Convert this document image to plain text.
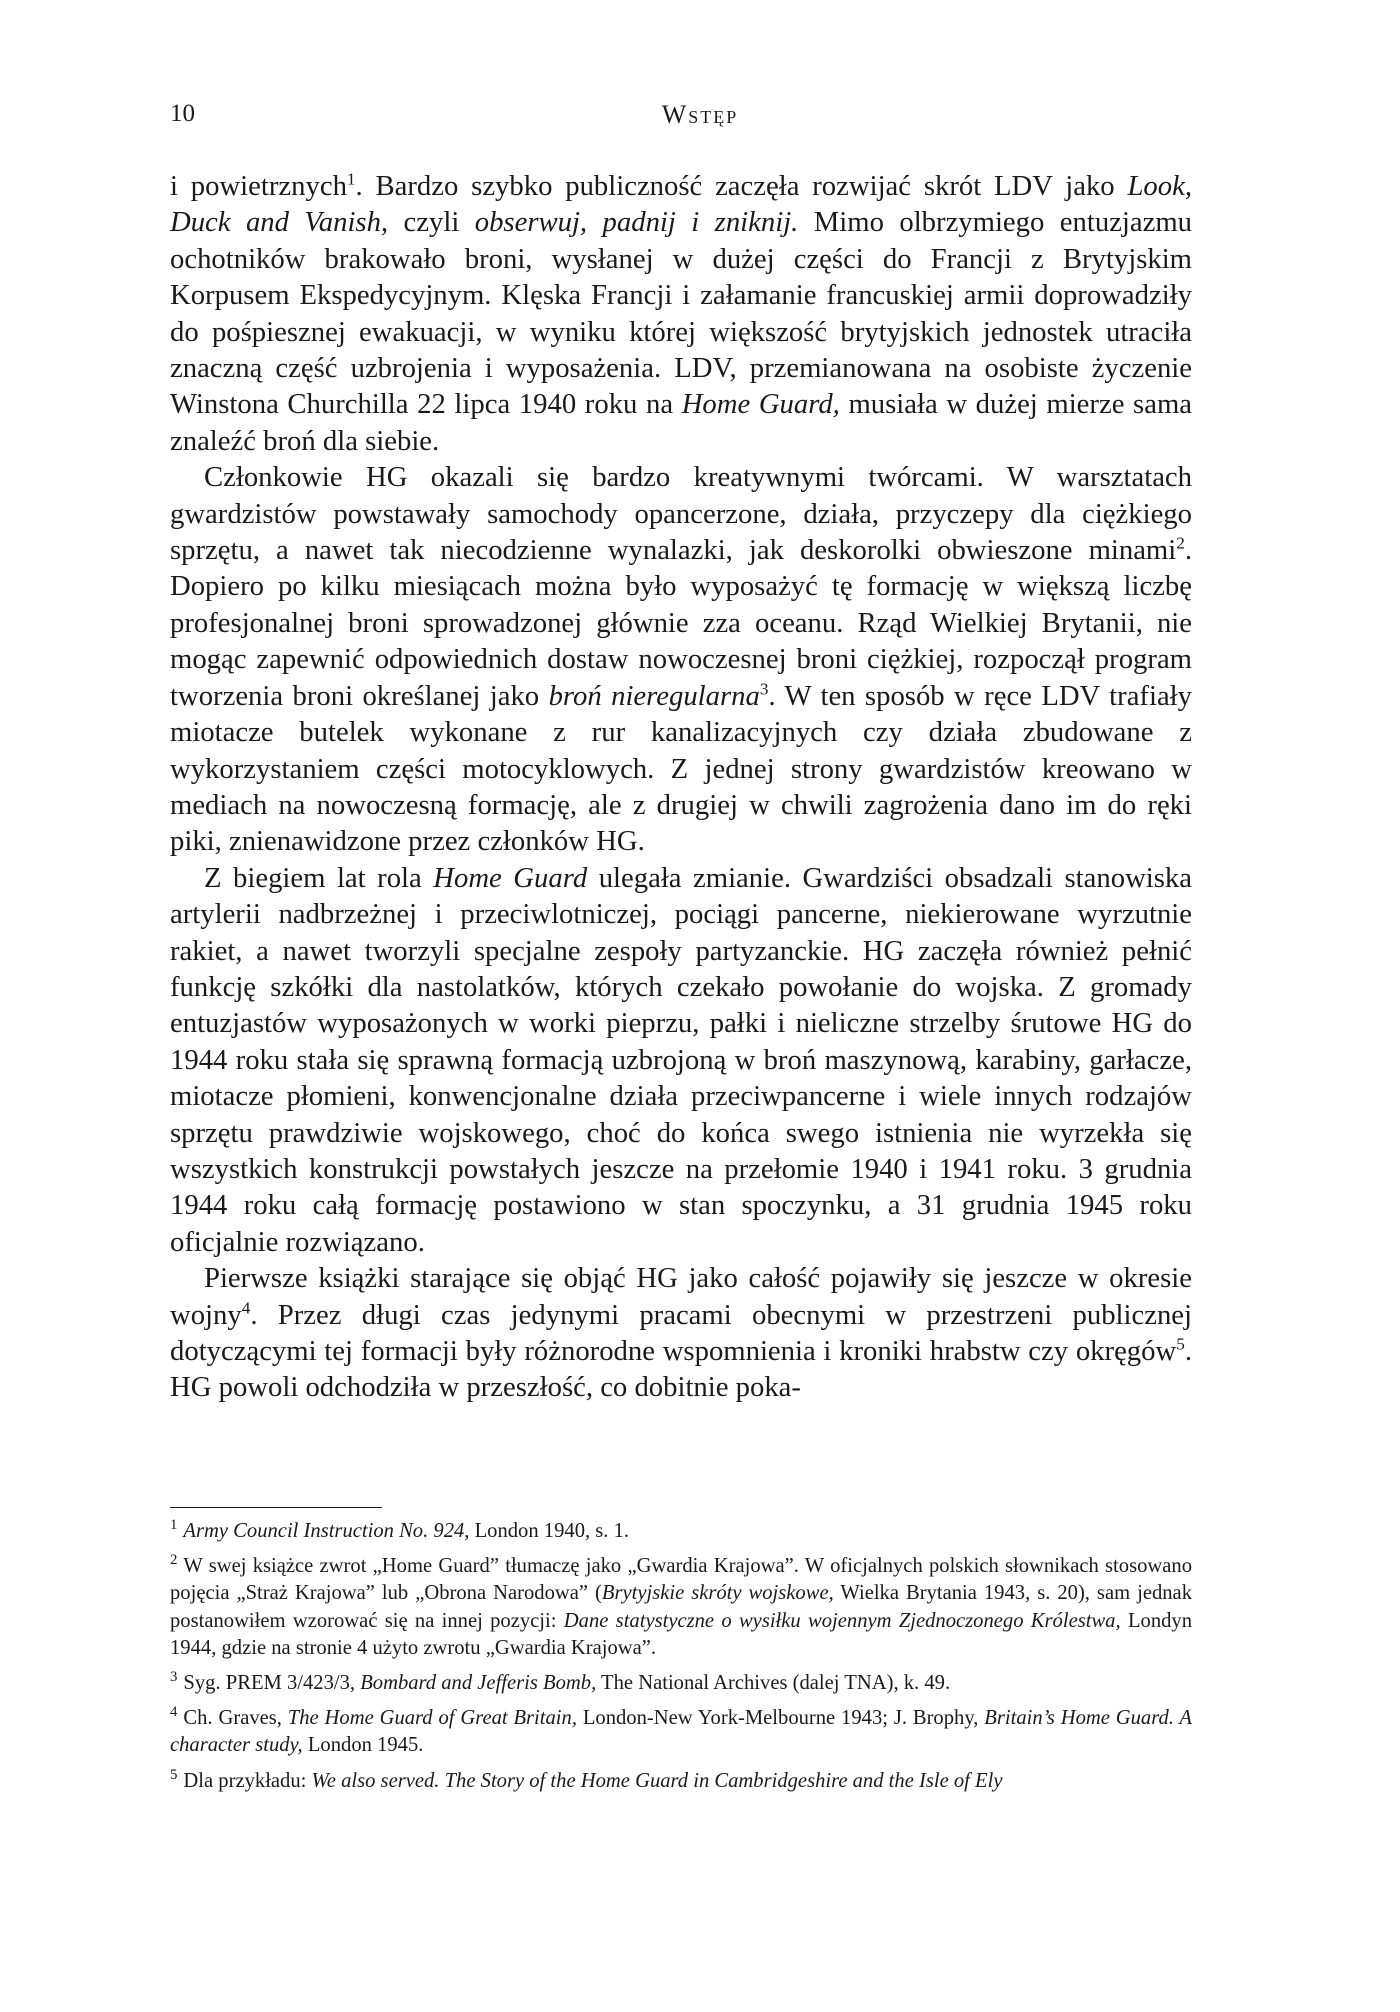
10	Wstęp

i powietrznych$^1$. Bardzo szybko publiczność zaczęła rozwijać skrót LDV jako Look, Duck and Vanish, czyli obserwuj, padnij i zniknij. Mimo olbrzymiego entuzjazmu ochotników brakowało broni, wysłanej w dużej części do Francji z Brytyjskim Korpusem Ekspedycyjnym. Klęska Francji i załamanie francuskiej armii doprowadziły do pośpiesznej ewakuacji, w wyniku której większość brytyjskich jednostek utraciła znaczną część uzbrojenia i wyposażenia. LDV, przemianowana na osobiste życzenie Winstona Churchilla 22 lipca 1940 roku na Home Guard, musiała w dużej mierze sama znaleźć broń dla siebie.

Członkowie HG okazali się bardzo kreatywnymi twórcami. W warsztatach gwardzistów powstawały samochody opancerzone, działa, przyczepy dla ciężkiego sprzętu, a nawet tak niecodzienne wynalazki, jak deskorolki obwieszone minami$^2$. Dopiero po kilku miesiącach można było wyposażyć tę formację w większą liczbę profesjonalnej broni sprowadzonej głównie zza oceanu. Rząd Wielkiej Brytanii, nie mogąc zapewnić odpowiednich dostaw nowoczesnej broni ciężkiej, rozpoczął program tworzenia broni określanej jako broń nieregularna$^3$. W ten sposób w ręce LDV trafiały miotacze butelek wykonane z rur kanalizacyjnych czy działa zbudowane z wykorzystaniem części motocyklowych. Z jednej strony gwardzistów kreowano w mediach na nowoczesną formację, ale z drugiej w chwili zagrożenia dano im do ręki piki, znienawidzone przez członków HG.

Z biegiem lat rola Home Guard ulegała zmianie. Gwardziści obsadzali stanowiska artylerii nadbrzeżnej i przeciwlotniczej, pociągi pancerne, niekierowane wyrzutnie rakiet, a nawet tworzyli specjalne zespoły partyzanckie. HG zaczęła również pełnić funkcję szkółki dla nastolatków, których czekało powołanie do wojska. Z gromady entuzjastów wyposażonych w worki pieprzu, pałki i nieliczne strzelby śrutowe HG do 1944 roku stała się sprawną formacją uzbrojoną w broń maszynową, karabiny, garłacze, miotacze płomieni, konwencjonalne działa przeciwpancerne i wiele innych rodzajów sprzętu prawdziwie wojskowego, choć do końca swego istnienia nie wyrzekła się wszystkich konstrukcji powstałych jeszcze na przełomie 1940 i 1941 roku. 3 grudnia 1944 roku całą formację postawiono w stan spoczynku, a 31 grudnia 1945 roku oficjalnie rozwiązano.

Pierwsze książki starające się objąć HG jako całość pojawiły się jeszcze w okresie wojny$^4$. Przez długi czas jedynymi pracami obecnymi w przestrzeni publicznej dotyczącymi tej formacji były różnorodne wspomnienia i kroniki hrabstw czy okręgów$^5$. HG powoli odchodziła w przeszłość, co dobitnie poka-

$^1$ Army Council Instruction No. 924, London 1940, s. 1.

$^2$ W swej książce zwrot „Home Guard” tłumaczę jako „Gwardia Krajowa”. W oficjalnych polskich słownikach stosowano pojęcia „Straż Krajowa” lub „Obrona Narodowa” (Brytyjskie skróty wojskowe, Wielka Brytania 1943, s. 20), sam jednak postanowiłem wzorować się na innej pozycji: Dane statystyczne o wysiłku wojennym Zjednoczonego Królestwa, Londyn 1944, gdzie na stronie 4 użyto zwrotu „Gwardia Krajowa”.

$^3$ Syg. PREM 3/423/3, Bombard and Jefferis Bomb, The National Archives (dalej TNA), k. 49.

$^4$ Ch. Graves, The Home Guard of Great Britain, London-New York-Melbourne 1943; J. Brophy, Britain’s Home Guard. A character study, London 1945.

$^5$ Dla przykładu: We also served. The Story of the Home Guard in Cambridgeshire and the Isle of Ely
